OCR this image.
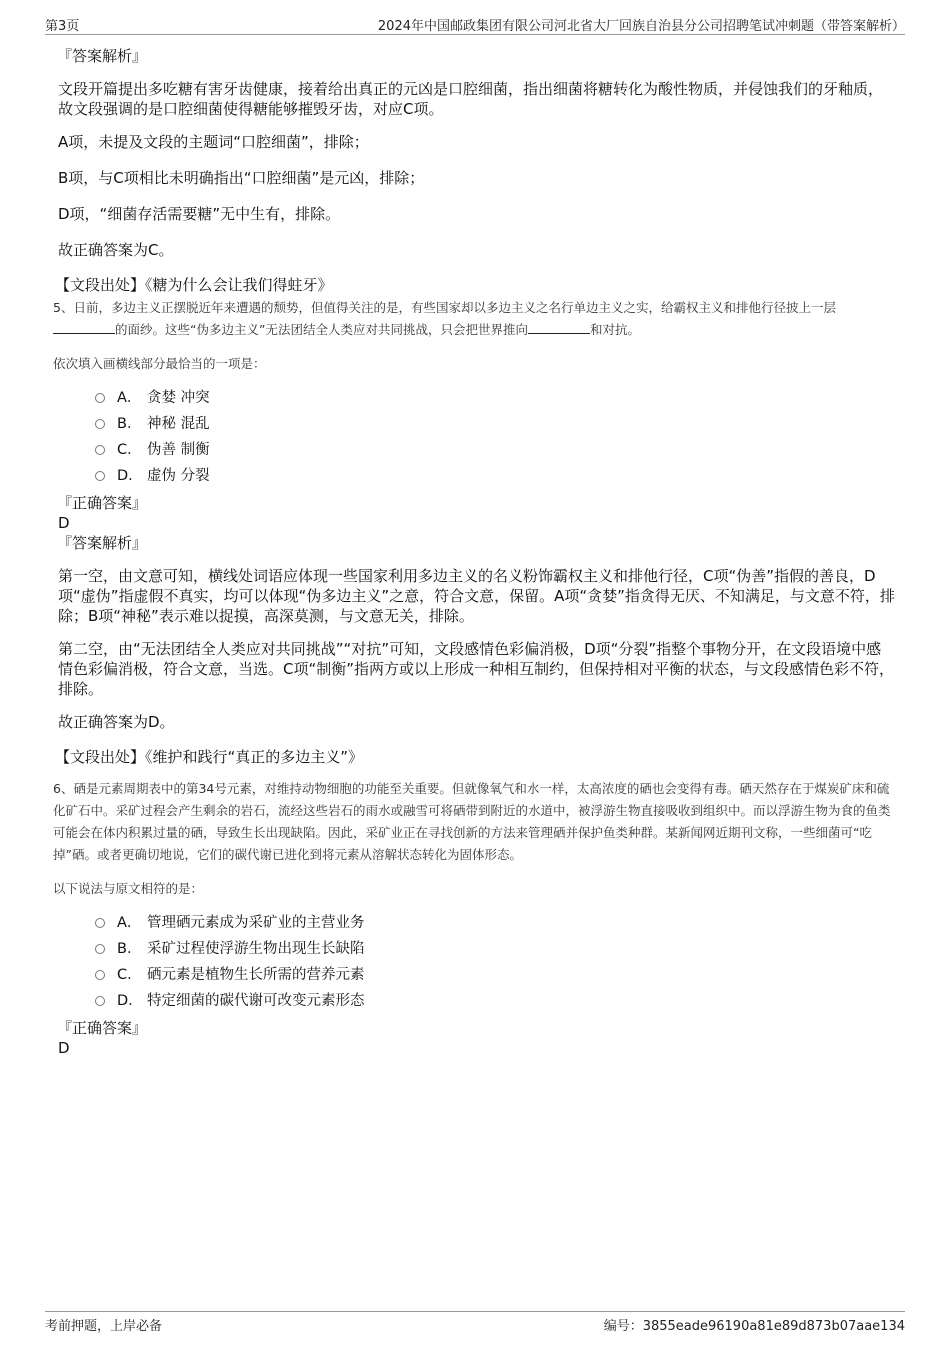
第3页	2024年中国邮政集团有限公司河北省大厂回族自治县分公司招聘笔试冲刺题（带答案解析）
『答案解析』
文段开篇提出多吃糖有害牙齿健康，接着给出真正的元凶是口腔细菌，指出细菌将糖转化为酸性物质，并侵蚀我们的牙釉质，故文段强调的是口腔细菌使得糖能够摧毁牙齿，对应C项。
A项，未提及文段的主题词“口腔细菌”，排除；
B项，与C项相比未明确指出“口腔细菌”是元凶，排除；
D项，“细菌存活需要糖”无中生有，排除。
故正确答案为C。
【文段出处】《糖为什么会让我们得蛀牙》
5、日前，多边主义正摆脱近年来遭遇的颓势，但值得关注的是，有些国家却以多边主义之名行单边主义之实，给霸权主义和排他行径披上一层的面纱。这些“伪多边主义”无法团结全人类应对共同挑战，只会把世界推向	和对抗。
依次填入画横线部分最恰当的一项是：
A． 贪婪 冲突
B． 神秘 混乱
C． 伪善 制衡
D． 虚伪 分裂
『正确答案』
D
『答案解析』
第一空，由文意可知，横线处词语应体现一些国家利用多边主义的名义粉饰霸权主义和排他行径，C项“伪善”指假的善良，D项“虚伪”指虚假不真实，均可以体现“伪多边主义”之意，符合文意，保留。A项“贪婪”指贪得无厌、不知满足，与文意不符，排除；B项“神秘”表示难以捉摸，高深莫测，与文意无关，排除。
第二空，由“无法团结全人类应对共同挑战”“对抗”可知，文段感情色彩偏消极，D项“分裂”指整个事物分开，在文段语境中感情色彩偏消极，符合文意，当选。C项“制衡”指两方或以上形成一种相互制约，但保持相对平衡的状态，与文段感情色彩不符，排除。
故正确答案为D。
【文段出处】《维护和践行“真正的多边主义”》
6、硒是元素周期表中的第34号元素，对维持动物细胞的功能至关重要。但就像氧气和水一样，太高浓度的硒也会变得有毒。硒天然存在于煤炭矿床和硫化矿石中。采矿过程会产生剩余的岩石，流经这些岩石的雨水或融雪可将硒带到附近的水道中，被浮游生物直接吸收到组织中。而以浮游生物为食的鱼类可能会在体内积累过量的硒，导致生长出现缺陷。因此，采矿业正在寻找创新的方法来管理硒并保护鱼类种群。某新闻网近期刊文称，一些细菌可“吃掉”硒。或者更确切地说，它们的碳代谢已进化到将元素从溶解状态转化为固体形态。
以下说法与原文相符的是：
A． 管理硒元素成为采矿业的主营业务
B． 采矿过程使浮游生物出现生长缺陷
C． 硒元素是植物生长所需的营养元素
D． 特定细菌的碳代谢可改变元素形态
『正确答案』
D
考前押题，上岸必备	编号：3855eade96190a81e89d873b07aae134
